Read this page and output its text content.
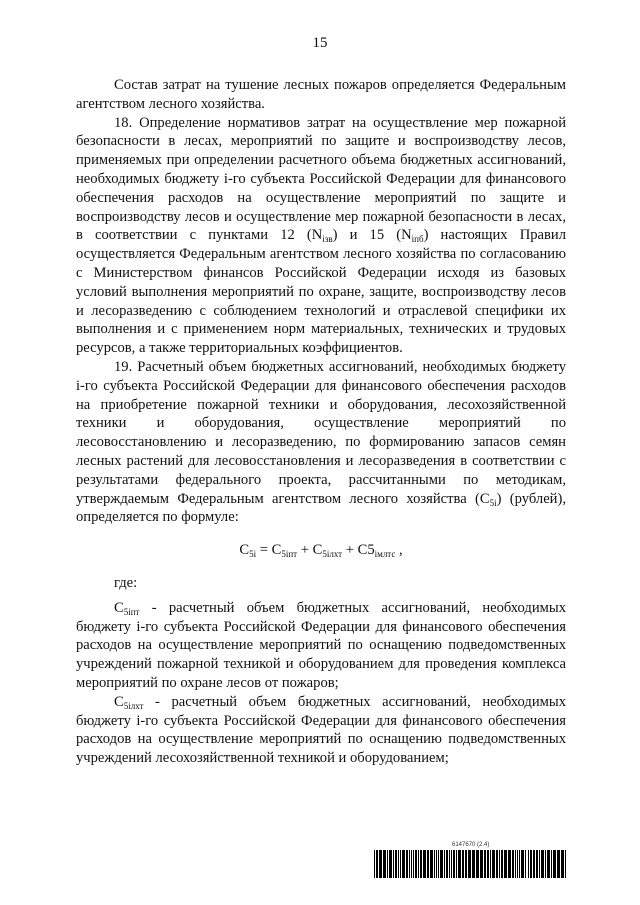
15

Состав затрат на тушение лесных пожаров определяется Федеральным агентством лесного хозяйства.

18. Определение нормативов затрат на осуществление мер пожарной безопасности в лесах, мероприятий по защите и воспроизводству лесов, применяемых при определении расчетного объема бюджетных ассигнований, необходимых бюджету i-го субъекта Российской Федерации для финансового обеспечения расходов на осуществление мероприятий по защите и воспроизводству лесов и осуществление мер пожарной безопасности в лесах, в соответствии с пунктами 12 $(N_{iзв})$ и 15 $(N_{iпб})$ настоящих Правил осуществляется Федеральным агентством лесного хозяйства по согласованию с Министерством финансов Российской Федерации исходя из базовых условий выполнения мероприятий по охране, защите, воспроизводству лесов и лесоразведению с соблюдением технологий и отраслевой специфики их выполнения и с применением норм материальных, технических и трудовых ресурсов, а также территориальных коэффициентов.

19. Расчетный объем бюджетных ассигнований, необходимых бюджету i-го субъекта Российской Федерации для финансового обеспечения расходов на приобретение пожарной техники и оборудования, лесохозяйственной техники и оборудования, осуществление мероприятий по лесовосстановлению и лесоразведению, по формированию запасов семян лесных растений для лесовосстановления и лесоразведения в соответствии с результатами федерального проекта, рассчитанными по методикам, утверждаемым Федеральным агентством лесного хозяйства $(C_{5i})$ (рублей), определяется по формуле:

$C_{5i} = C_{5iпт} + C_{5iлхт} + C5_{iмлтс}$ ,

где:

$C_{5iпт}$ - расчетный объем бюджетных ассигнований, необходимых бюджету i-го субъекта Российской Федерации для финансового обеспечения расходов на осуществление мероприятий по оснащению подведомственных учреждений пожарной техникой и оборудованием для проведения комплекса мероприятий по охране лесов от пожаров;

$C_{5iлхт}$ - расчетный объем бюджетных ассигнований, необходимых бюджету i-го субъекта Российской Федерации для финансового обеспечения расходов на осуществление мероприятий по оснащению подведомственных учреждений лесохозяйственной техникой и оборудованием;

6147670 (2.4)
